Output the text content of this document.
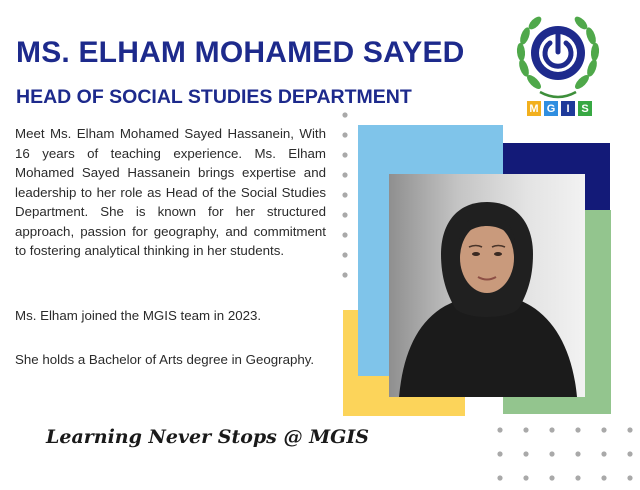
MS. ELHAM MOHAMED SAYED
HEAD OF SOCIAL STUDIES DEPARTMENT

Meet Ms. Elham Mohamed Sayed Hassanein, With 16 years of teaching experience. Ms. Elham Mohamed Sayed Hassanein brings expertise and leadership to her role as Head of the Social Studies Department. She is known for her structured approach, passion for geography, and commitment to fostering analytical thinking in her students.

Ms. Elham joined the MGIS team in 2023.

She holds a Bachelor of Arts degree in Geography.

Learning Never Stops @ MGIS
M G	I	S
